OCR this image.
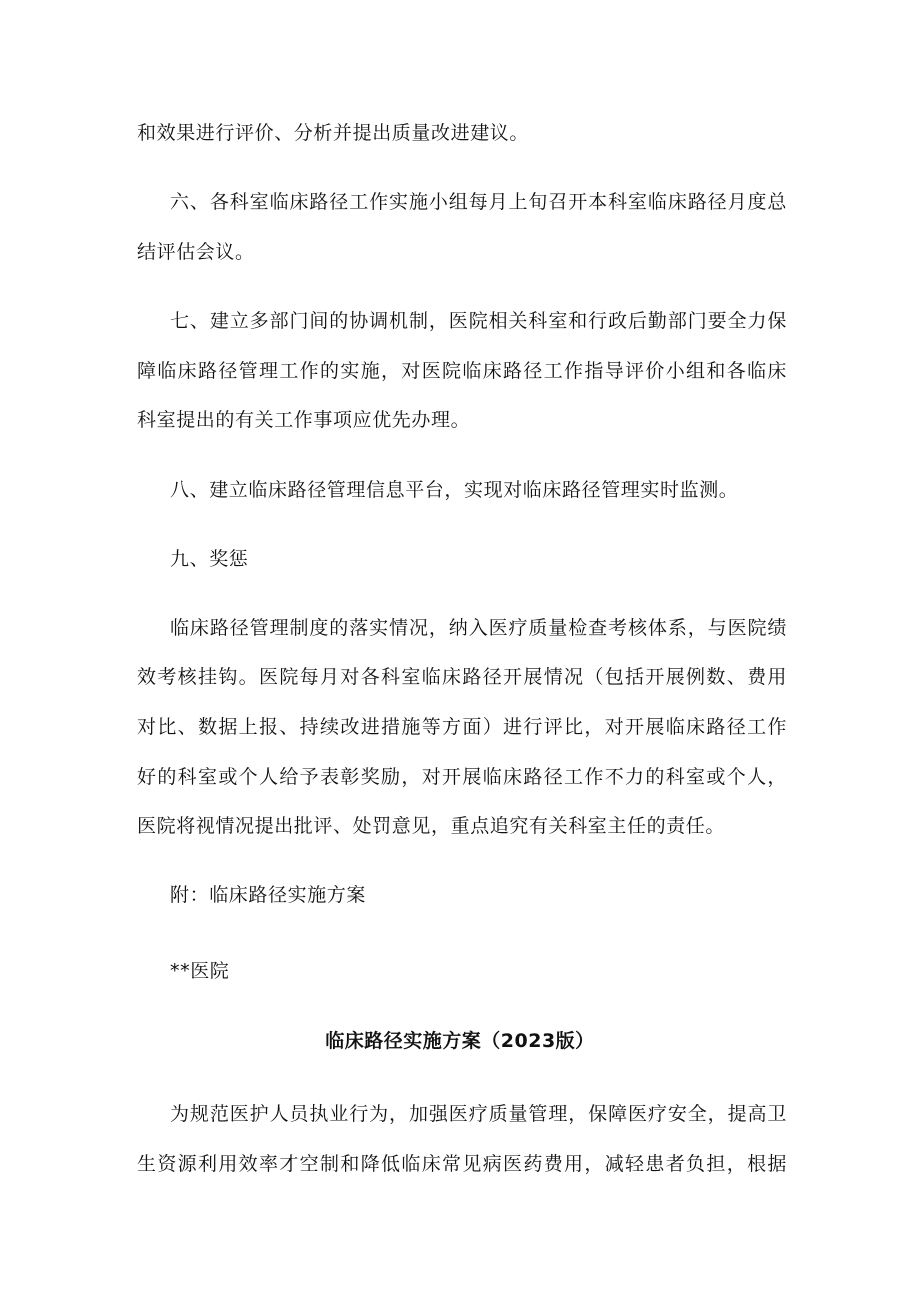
和效果进行评价、分析并提出质量改进建议。
六、各科室临床路径工作实施小组每月上旬召开本科室临床路径月度总
结评估会议。
七、建立多部门间的协调机制，医院相关科室和行政后勤部门要全力保
障临床路径管理工作的实施，对医院临床路径工作指导评价小组和各临床
科室提出的有关工作事项应优先办理。
八、建立临床路径管理信息平台，实现对临床路径管理实时监测。
九、奖惩
临床路径管理制度的落实情况，纳入医疗质量检查考核体系，与医院绩
效考核挂钩。医院每月对各科室临床路径开展情况（包括开展例数、费用
对比、数据上报、持续改进措施等方面）进行评比，对开展临床路径工作
好的科室或个人给予表彰奖励，对开展临床路径工作不力的科室或个人，
医院将视情况提出批评、处罚意见，重点追究有关科室主任的责任。
附：临床路径实施方案
**医院
临床路径实施方案（2023版）
为规范医护人员执业行为，加强医疗质量管理，保障医疗安全，提高卫
生资源利用效率才空制和降低临床常见病医药费用，减轻患者负担，根据
